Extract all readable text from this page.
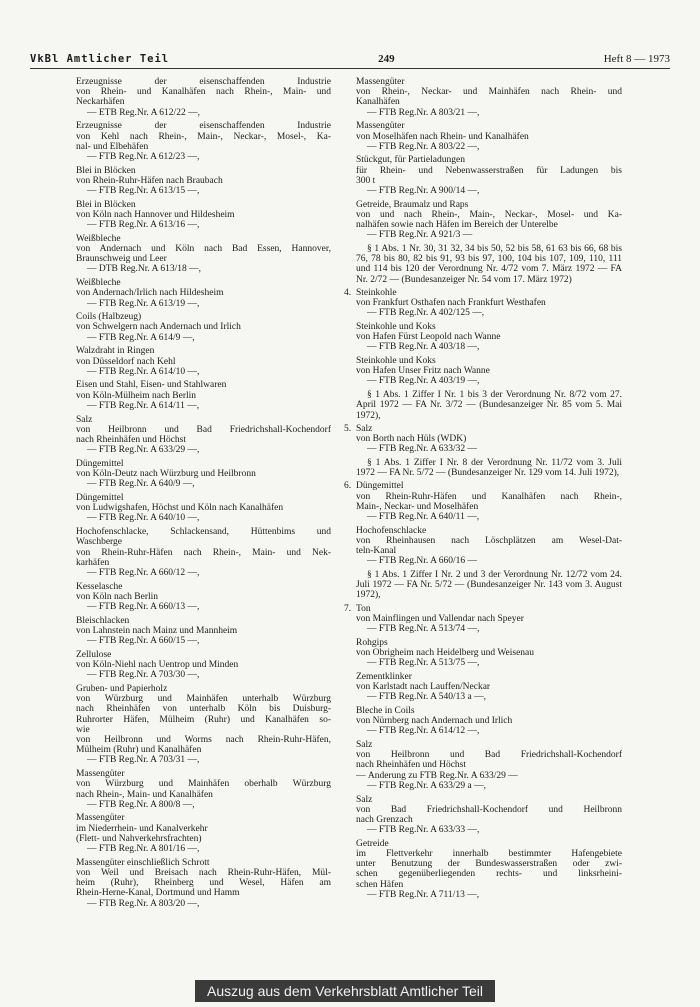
VkBl Amtlicher Teil	249	Heft 8 — 1973
Erzeugnisse der eisenschaffenden Industrie
von Rhein- und Kanalhäfen nach Rhein-, Main- und
Neckarhäfen
— ETB Reg.Nr. A 612/22 —,
Erzeugnisse der eisenschaffenden Industrie
von Kehl nach Rhein-, Main-, Neckar-, Mosel-, Ka-
nal- und Elbehäfen
— FTB Reg.Nr. A 612/23 —,
Blei in Blöcken
von Rhein-Ruhr-Häfen nach Braubach
— FTB Reg.Nr. A 613/15 —,
Blei in Blöcken
von Köln nach Hannover und Hildesheim
— FTB Reg.Nr. A 613/16 —,
Weißbleche
von Andernach und Köln nach Bad Essen, Hannover,
Braunschweig und Leer
— DTB Reg.Nr. A 613/18 —,
Weißbleche
von Andernach/Irlich nach Hildesheim
— FTB Reg.Nr. A 613/19 —,
Coils (Halbzeug)
von Schwelgern nach Andernach und Irlich
— FTB Reg.Nr. A 614/9 —,
Walzdraht in Ringen
von Düsseldorf nach Kehl
— FTB Reg.Nr. A 614/10 —,
Eisen und Stahl, Eisen- und Stahlwaren
von Köln-Mülheim nach Berlin
— FTB Reg.Nr. A 614/11 —,
Salz
von Heilbronn und Bad Friedrichshall-Kochendorf
nach Rheinhäfen und Höchst
— FTB Reg.Nr. A 633/29 —,
Düngemittel
von Köln-Deutz nach Würzburg und Heilbronn
— FTB Reg.Nr. A 640/9 —,
Düngemittel
von Ludwigshafen, Höchst und Köln nach Kanalhäfen
— FTB Reg.Nr. A 640/10 —,
Hochofenschlacke, Schlackensand, Hüttenbims und
Waschberge
von Rhein-Ruhr-Häfen nach Rhein-, Main- und Nek-
karhäfen
— FTB Reg.Nr. A 660/12 —,
Kesselasche
von Köln nach Berlin
— FTB Reg.Nr. A 660/13 —,
Bleischlacken
von Lahnstein nach Mainz und Mannheim
— FTB Reg.Nr. A 660/15 —,
Zellulose
von Köln-Niehl nach Uentrop und Minden
— FTB Reg.Nr. A 703/30 —,
Gruben- und Papierholz
von Würzburg und Mainhäfen unterhalb Würzburg
nach Rheinhäfen von unterhalb Köln bis Duisburg-
Ruhrorter Häfen, Mülheim (Ruhr) und Kanalhäfen so-
wie
von Heilbronn und Worms nach Rhein-Ruhr-Häfen,
Mülheim (Ruhr) und Kanalhäfen
— FTB Reg.Nr. A 703/31 —,
Massengüter
von Würzburg und Mainhäfen oberhalb Würzburg
nach Rhein-, Main- und Kanalhäfen
— FTB Reg.Nr. A 800/8 —,
Massengüter
im Niederrhein- und Kanalverkehr
(Flett- und Nahverkehrsfrachten)
— FTB Reg.Nr. A 801/16 —,
Massengüter einschließlich Schrott
von Weil und Breisach nach Rhein-Ruhr-Häfen, Mül-
heim (Ruhr), Rheinberg und Wesel, Häfen am
Rhein-Herne-Kanal, Dortmund und Hamm
— FTB Reg.Nr. A 803/20 —,
Massengüter
von Rhein-, Neckar- und Mainhäfen nach Rhein- und
Kanalhäfen
— FTB Reg.Nr. A 803/21 —,
Massengüter
von Moselhäfen nach Rhein- und Kanalhäfen
— FTB Reg.Nr. A 803/22 —,
Stückgut, für Partieladungen
für Rhein- und Nebenwasserstraßen für Ladungen bis
300 t
— FTB Reg.Nr. A 900/14 —,
Getreide, Braumalz und Raps
von und nach Rhein-, Main-, Neckar-, Mosel- und Ka-
nalhäfen sowie nach Häfen im Bereich der Unterelbe
— FTB Reg.Nr. A 921/3 —
§ 1 Abs. 1 Nr. 30, 31 32, 34 bis 50, 52 bis 58, 61 63 bis 66, 68 bis 76, 78 bis 80, 82 bis 91, 93 bis 97, 100, 104 bis 107, 109, 110, 111 und 114 bis 120 der Verordnung Nr. 4/72 vom 7. März 1972 — FA Nr. 2/72 — (Bundesanzeiger Nr. 54 vom 17. März 1972)
4. Steinkohle
von Frankfurt Osthafen nach Frankfurt Westhafen
— FTB Reg.Nr. A 402/125 —,
Steinkohle und Koks
von Hafen Fürst Leopold nach Wanne
— FTB Reg.Nr. A 403/18 —,
Steinkohle und Koks
von Hafen Unser Fritz nach Wanne
— FTB Reg.Nr. A 403/19 —,
§ 1 Abs. 1 Ziffer I Nr. 1 bis 3 der Verordnung Nr. 8/72 vom 27. April 1972 — FA Nr. 3/72 — (Bundesanzeiger Nr. 85 vom 5. Mai 1972),
5. Salz
von Borth nach Hüls (WDK)
— FTB Reg.Nr. A 633/32 —
§ 1 Abs. 1 Ziffer I Nr. 8 der Verordnung Nr. 11/72 vom 3. Juli 1972 — FA Nr. 5/72 — (Bundesanzeiger Nr. 129 vom 14. Juli 1972),
6. Düngemittel
von Rhein-Ruhr-Häfen und Kanalhäfen nach Rhein-,
Main-, Neckar- und Moselhäfen
— FTB Reg.Nr. A 640/11 —,
Hochofenschlacke
von Rheinhausen nach Löschplätzen am Wesel-Dat-
teln-Kanal
— FTB Reg.Nr. A 660/16 —
§ 1 Abs. 1 Ziffer I Nr. 2 und 3 der Verordnung Nr. 12/72 vom 24. Juli 1972 — FA Nr. 5/72 — (Bundesanzeiger Nr. 143 vom 3. August 1972),
7. Ton
von Mainflingen und Vallendar nach Speyer
— FTB Reg.Nr. A 513/74 —,
Rohgips
von Obrigheim nach Heidelberg und Weisenau
— FTB Reg.Nr. A 513/75 —,
Zementklinker
von Karlstadt nach Lauffen/Neckar
— FTB Reg.Nr. A 540/13 a —,
Bleche in Coils
von Nürnberg nach Andernach und Irlich
— FTB Reg.Nr. A 614/12 —,
Salz
von Heilbronn und Bad Friedrichshall-Kochendorf
nach Rheinhäfen und Höchst
— Änderung zu FTB Reg.Nr. A 633/29 —
— FTB Reg.Nr. A 633/29 a —,
Salz
von Bad Friedrichshall-Kochendorf und Heilbronn
nach Grenzach
— FTB Reg.Nr. A 633/33 —,
Getreide
im Flettverkehr innerhalb bestimmter Hafengebiete
unter Benutzung der Bundeswasserstraßen oder zwi-
schen gegenüberliegenden rechts- und linksrheini-
schen Häfen
— FTB Reg.Nr. A 711/13 —,
Auszug aus dem Verkehrsblatt Amtlicher Teil
